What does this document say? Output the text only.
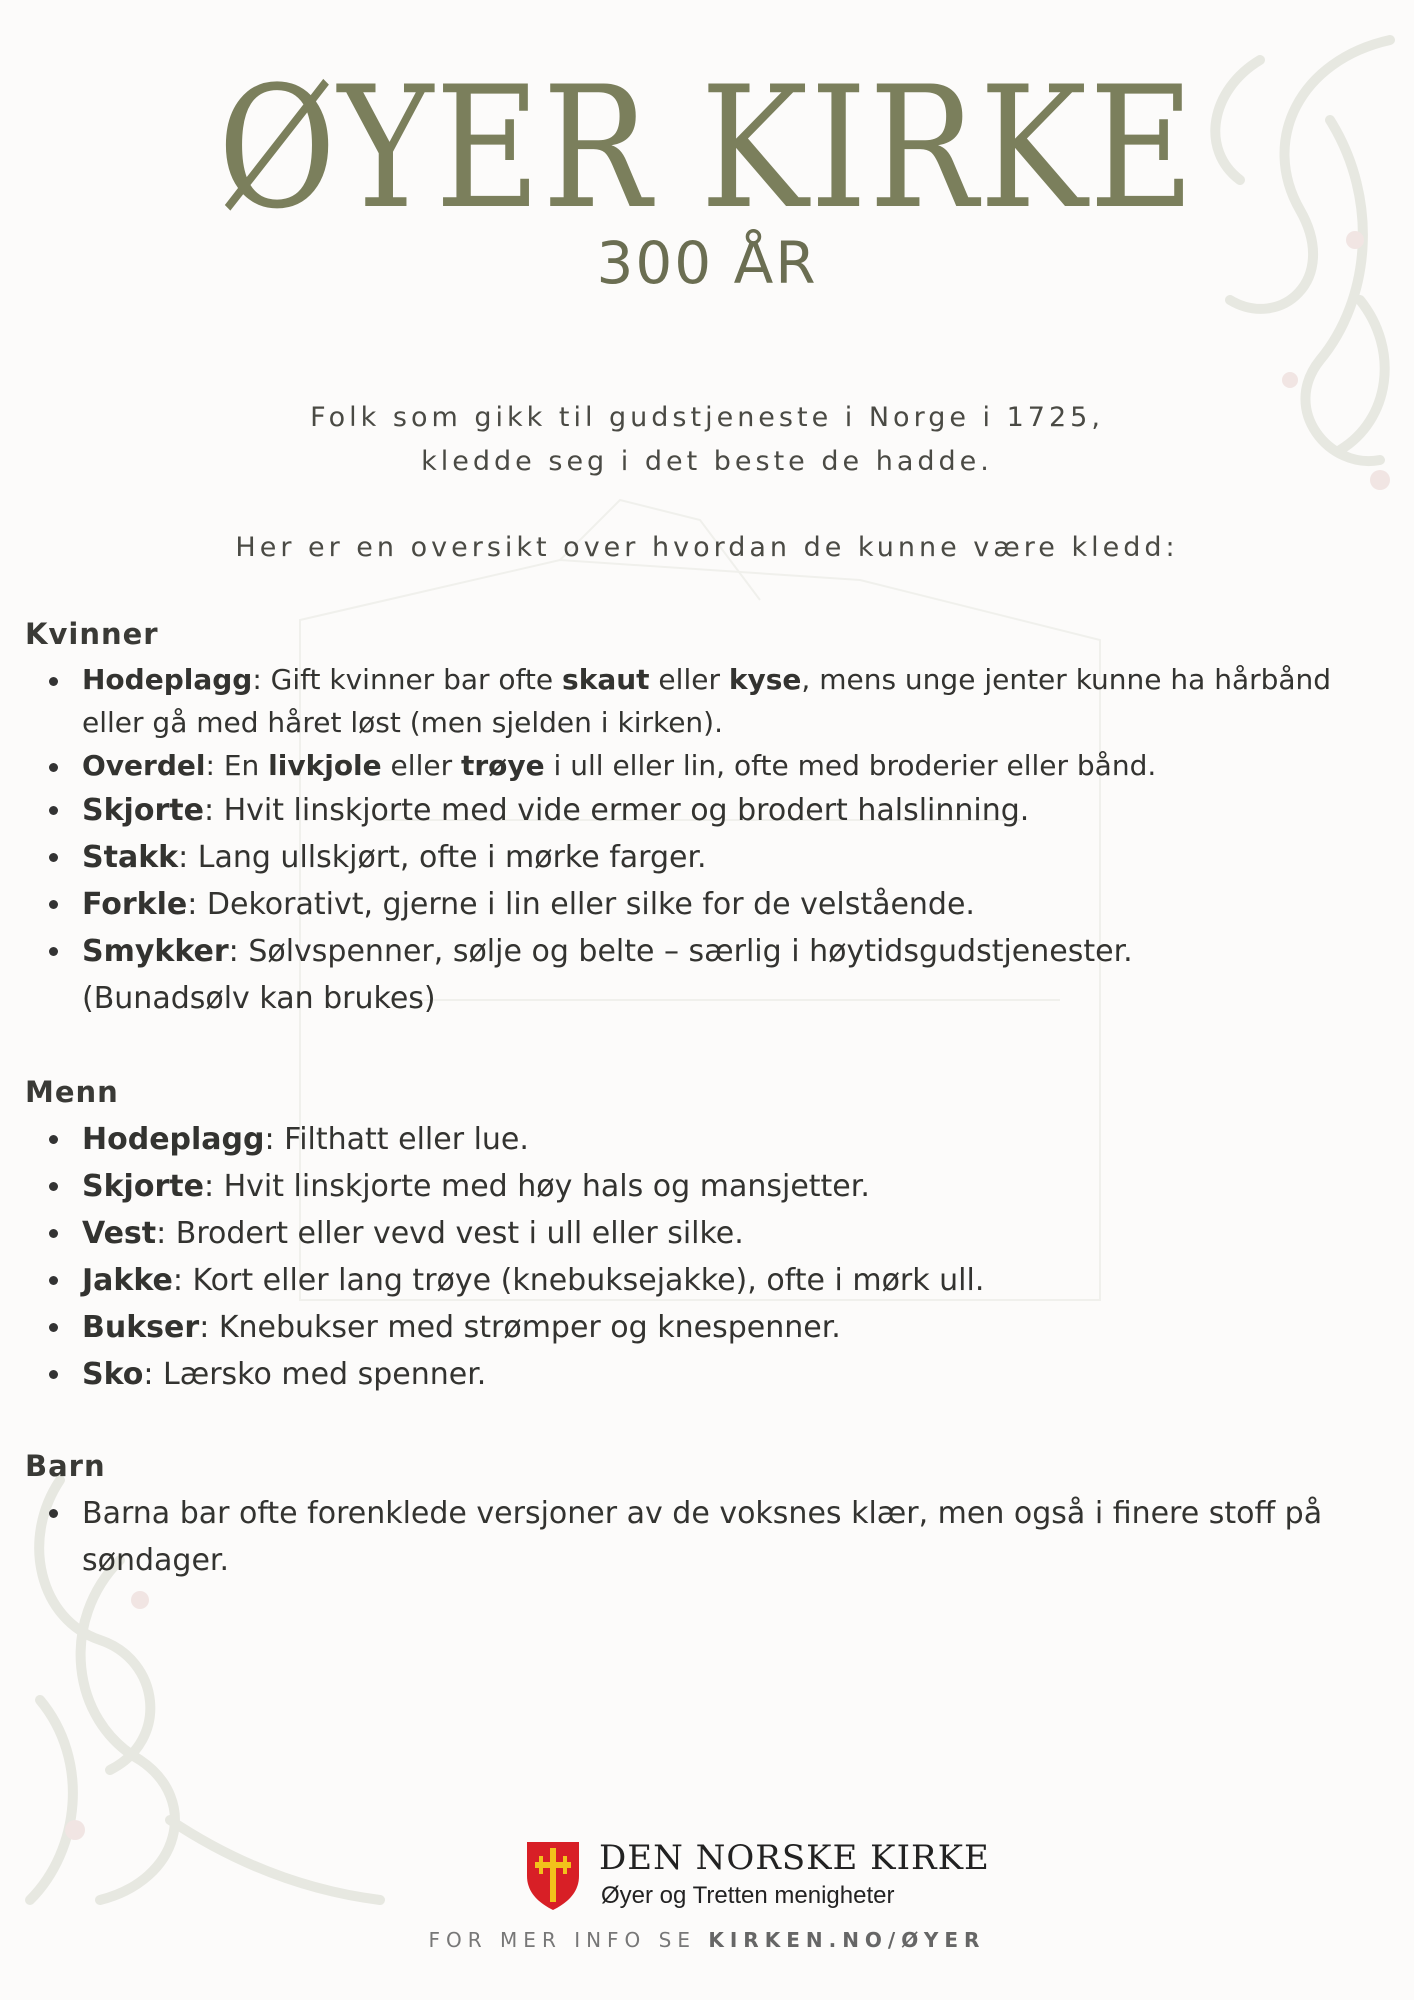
ØYER KIRKE
300 ÅR
Folk som gikk til gudstjeneste i Norge i 1725,
kledde seg i det beste de hadde.
Her er en oversikt over hvordan de kunne være kledd:
Kvinner
Hodeplagg: Gift kvinner bar ofte skaut eller kyse, mens unge jenter kunne ha hårbånd eller gå med håret løst (men sjelden i kirken).
Overdel: En livkjole eller trøye i ull eller lin, ofte med broderier eller bånd.
Skjorte: Hvit linskjorte med vide ermer og brodert halslinning.
Stakk: Lang ullskjørt, ofte i mørke farger.
Forkle: Dekorativt, gjerne i lin eller silke for de velstående.
Smykker: Sølvspenner, sølje og belte – særlig i høytidsgudstjenester. (Bunadsølv kan brukes)
Menn
Hodeplagg: Filthatt eller lue.
Skjorte: Hvit linskjorte med høy hals og mansjetter.
Vest: Brodert eller vevd vest i ull eller silke.
Jakke: Kort eller lang trøye (knebuksejakke), ofte i mørk ull.
Bukser: Knebukser med strømper og knespenner.
Sko: Lærsko med spenner.
Barn
Barna bar ofte forenklede versjoner av de voksnes klær, men også i finere stoff på søndager.
DEN NORSKE KIRKE
Øyer og Tretten menigheter
FOR MER INFO SE KIRKEN.NO/ØYER
